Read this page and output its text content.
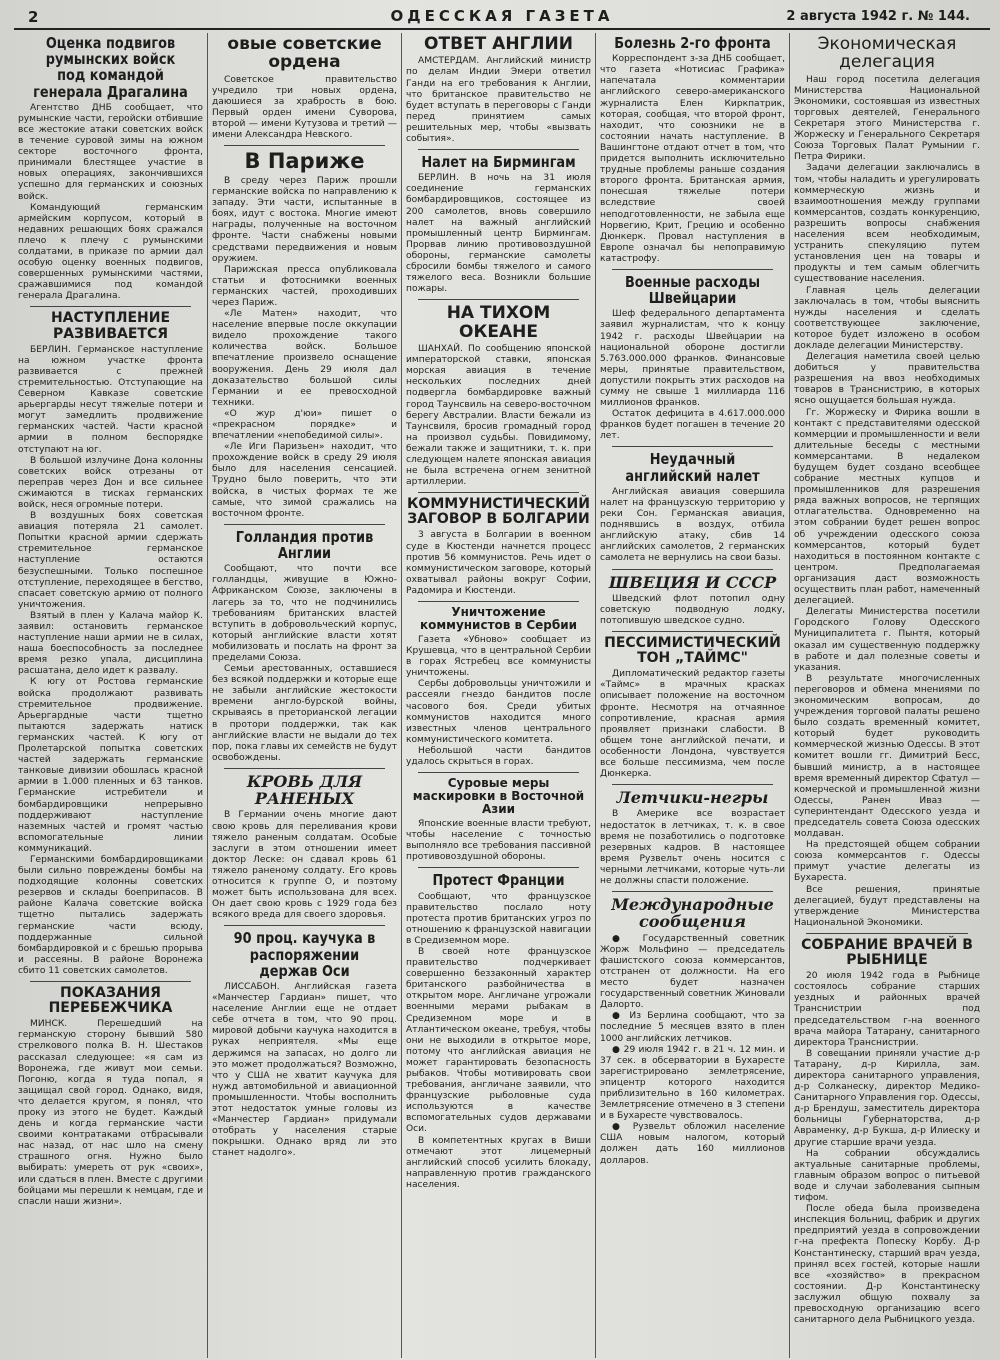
2	ОДЕССКАЯ ГАЗЕТА	2 августа 1942 г. № 144.
Оценка подвигов румынских войск под командой генерала Драгалина

Агентство ДНБ сообщает, что румынские части, геройски отбившие все жестокие атаки советских войск в течение суровой зимы на южном секторе восточного фронта, принимали блестящее участие в новых операциях, закончившихся успешно для германских и союзных войск.

Командующий германским армейским корпусом, который в недавних решающих боях сражался плечо к плечу с румынскими солдатами, в приказе по армии дал особую оценку военных подвигов, совершенных румынскими частями, сражавшимися под командой генерала Драгалина.

НАСТУПЛЕНИЕ РАЗВИВАЕТСЯ

БЕРЛИН. Германское наступление на южном участке фронта развивается с прежней стремительностью. Отступающие на Северном Кавказе советские арьергарды несут тяжелые потери и могут замедлить продвижение германских частей. Части красной армии в полном беспорядке отступают на юг.

В большой излучине Дона колонны советских войск отрезаны от переправ через Дон и все сильнее сжимаются в тисках германских войск, неся огромные потери.

В воздушных боях советская авиация потеряла 21 самолет. Попытки красной армии сдержать стремительное германское наступление остаются безуспешными. Только поспешное отступление, переходящее в бегство, спасает советскую армию от полного уничтожения.

Взятый в плен у Калача майор К. заявил: остановить германское наступление наши армии не в силах, наша боеспособность за последнее время резко упала, дисциплина расшатана, дело идет к развалу.

К югу от Ростова германские войска продолжают развивать стремительное продвижение. Арьергардные части тщетно пытаются задержать натиск германских частей. К югу от Пролетарской попытка советских частей задержать германские танковые дивизии обошлась красной армии в 1.000 пленных и 63 танков. Германские истребители и бомбардировщики непрерывно поддерживают наступление наземных частей и громят частью вспомогательные линии коммуникаций.

Германскими бомбардировщиками были сильно повреждены бомбы на подходящие колонны советских резервов и склады боеприпасов. В районе Калача советские войска тщетно пытались задержать германские части всюду, поддержанные сильной бомбардировкой и с брешью прорыва и рассеяны. В районе Воронежа сбито 11 советских самолетов.

ПОКАЗАНИЯ ПЕРЕБЕЖЧИКА

МИНСК. Перешедший на германскую сторону бывший 580 стрелкового полка В. Н. Шестаков рассказал следующее: «я сам из Воронежа, где живут мои семьи. Погоню, когда я туда попал, я защищал свой город. Однако, видя, что делается кругом, я понял, что проку из этого не будет. Каждый день и когда германские части своими контратаками отбрасывали нас назад, от нас шло на смену страшного огня. Нужно было выбирать: умереть от рук «своих», или сдаться в плен. Вместе с другими бойцами мы перешли к немцам, где и спасли наши жизни».

овые советские ордена

Советское правительство учредило три новых ордена, даюшиеся за храбрость в бою. Первый орден имени Суворова, второй — имени Кутузова и третий — имени Александра Невского.

В Париже

В среду через Париж прошли германские войска по направлению к западу. Эти части, испытанные в боях, идут с востока. Многие имеют награды, полученные на восточном фронте. Части снабжены новыми средствами передвижения и новым оружием.

Парижская пресса опубликовала статьи и фотоснимки военных германских частей, проходивших через Париж.

«Ле Матен» находит, что население впервые после оккупации видело прохождение такого количества войск. Большое впечатление произвело оснащение вооружения. День 29 июля дал доказательство большой силы Германии и ее превосходной техники.

«О жур д'юи» пишет о «прекрасном порядке» и впечатлении «непобедимой силы».

«Ле Иги Паризьен» находит, что прохождение войск в среду 29 июля было для населения сенсацией. Трудно было поверить, что эти войска, в чистых формах те же самые, что зимой сражались на восточном фронте.

Голландия против Англии

Сообщают, что почти все голландцы, живущие в Южно-Африканском Союзе, заключены в лагерь за то, что не подчинились требованиям британских властей вступить в добровольческий корпус, который английские власти хотят мобилизовать и послать на фронт за пределами Союза.

Семьи арестованных, оставшиеся без всякой поддержки и которые еще не забыли английские жестокости времени англо-бурской войны, скрываясь в преторианской легации в протори поддержки, так как английские власти не выдали до тех пор, пока главы их семейств не будут освобождены.

КРОВЬ ДЛЯ РАНЕНЫХ

В Германии очень многие дают свою кровь для переливания крови тяжело раненым солдатам. Особые заслуги в этом отношении имеет доктор Леске: он сдавал кровь 61 тяжело раненому солдату. Его кровь относится к группе О, и поэтому может быть использована для всех. Он дает свою кровь с 1929 года без всякого вреда для своего здоровья.

90 проц. каучука в распоряжении держав Оси

ЛИССАБОН. Английская газета «Манчестер Гардиан» пишет, что население Англии еще не отдает себе отчета в том, что 90 проц. мировой добычи каучука находится в руках неприятеля. «Мы еще держимся на запасах, но долго ли это может продолжаться? Возможно, что у США не хватит каучука для нужд автомобильной и авиационной промышленности. Чтобы восполнить этот недостаток умные головы из «Манчестер Гардиан» придумали отобрать у населения старые покрышки. Однако вряд ли это станет надолго».

ОТВЕТ АНГЛИИ

АМСТЕРДАМ. Английский министр по делам Индии Эмери ответил Ганди на его требования к Англии, что британское правительство не будет вступать в переговоры с Ганди перед принятием самых решительных мер, чтобы «вызвать события».

Налет на Бирмингам

БЕРЛИН. В ночь на 31 июля соединение германских бомбардировщиков, состоящее из 200 самолетов, вновь совершило налет на важный английский промышленный центр Бирмингам. Прорвав линию противовоздушной обороны, германские самолеты сбросили бомбы тяжелого и самого тяжелого веса. Возникли большие пожары.

НА ТИХОМ ОКЕАНЕ

ШАНХАЙ. По сообщению японской императорской ставки, японская морская авиация в течение нескольких последних дней подвергла бомбардировке важный город Таунсвиль на северо-восточном берегу Австралии. Власти бежали из Таунсвиля, бросив громадный город на произвол судьбы. Повидимому, бежали также и защитники, т. к. при следующем налете японская авиация не была встречена огнем зенитной артиллерии.

КОММУНИСТИЧЕСКИЙ ЗАГОВОР В БОЛГАРИИ

3 августа в Болгарии в военном суде в Кюстенди начнется процесс против 56 коммунистов. Речь идет о коммунистическом заговоре, который охватывал районы вокруг Софии, Радомира и Кюстенди.

Уничтожение коммунистов в Сербии

Газета «Убново» сообщает из Крушевца, что в центральной Сербии в горах Ястребец все коммунисты уничтожены.

Сербы добровольцы уничтожили и рассеяли гнездо бандитов после часового боя. Среди убитых коммунистов находится много известных членов центрального коммунистического комитета.

Небольшой части бандитов удалось скрыться в горах.

Суровые меры маскировки в Восточной Азии

Японские военные власти требуют, чтобы население с точностью выполняло все требования пассивной противовоздушной обороны.

Протест Франции

Сообщают, что французское правительство послало ноту протеста против британских угроз по отношению к французской навигации в Средиземном море.

В своей ноте французское правительство подчеркивает совершенно беззаконный характер британского разбойничества в открытом море. Англичане угрожали военными мерами рыбакам в Средиземном море и в Атлантическом океане, требуя, чтобы они не выходили в открытое море, потому что английская авиация не может гарантировать безопасность рыбаков. Чтобы мотивировать свои требования, англичане заявили, что французские рыболовные суда используются в качестве вспомогательных судов державами Оси.

В компетентных кругах в Виши отмечают этот лицемерный английский способ усилить блокаду, направленную против гражданского населения.

Болезнь 2-го фронта

Корреспондент з-за ДНБ сообщает, что газета «Нотисиас Графика» напечатала комментарии английского северо-американского журналиста Елен Киркпатрик, которая, сообщая, что второй фронт, находит, что союзники не в состоянии начать наступление. В Вашингтоне отдают отчет в том, что придется выполнить исключительно трудные проблемы раньше создания второго фронта. Британская армия, понесшая тяжелые потери вследствие своей неподготовленности, не забыла еще Норвегию, Крит, Грецию и особенно Дюнкерк. Провал наступления в Европе означал бы непоправимую катастрофу.

Военные расходы Швейцарии

Шеф федерального департамента заявил журналистам, что к концу 1942 г. расходы Швейцарии на национальной обороне достигли 5.763.000.000 франков. Финансовые меры, принятые правительством, допустили покрыть этих расходов на сумму не свыше 1 миллиарда 116 миллионов франков.

Остаток дефицита в 4.617.000.000 франков будет погашен в течение 20 лет.

Неудачный английский налет

Английская авиация совершила налет на французскую территорию у реки Сон. Германская авиация, поднявшись в воздух, отбила английскую атаку, сбив 14 английских самолетов, 2 германских самолета не вернулись на свои базы.

ШВЕЦИЯ И СССР

Шведский флот потопил одну советскую подводную лодку, потопившую шведское судно.

ПЕССИМИСТИЧЕСКИЙ ТОН „ТАЙМС"

Дипломатический редактор газеты «Таймс» в мрачных красках описывает положение на восточном фронте. Несмотря на отчаянное сопротивление, красная армия проявляет признаки слабости. В общем тоне английской печати, и особенности Лондона, чувствуется все больше пессимизма, чем после Дюнкерка.

Летчики-негры

В Америке все возрастает недостаток в летчиках, т. к. в свое время не позаботились о подготовке резервных кадров. В настоящее время Рузвельт очень носится с черными летчиками, которые чуть-ли не должны спасти положение.

Международные сообщения

● Государственный советник Жорж Мольфино — председатель фашистского союза коммерсантов, отстранен от должности. На его место будет назначен государственный советник Жиновали Далорто.

● Из Берлина сообщают, что за последние 5 месяцев взято в плен 1000 английских летчиков.

● 29 июля 1942 г. в 21 ч. 12 мин. и 37 сек. в обсерватории в Бухаресте зарегистрировано землетрясение, эпицентр которого находится приблизительно в 160 километрах. Землетрясение отмечено в 3 степени и в Бухаресте чувствовалось.

● Рузвельт обложил население США новым налогом, который должен дать 160 миллионов долларов.

Экономическая делегация

Наш город посетила делегация Министерства Национальной Экономики, состоявшая из известных торговых деятелей, Генерального Секретаря этого Министерства г. Жоржеску и Генерального Секретаря Союза Торговых Палат Румынии г. Петра Фирики.

Задачи делегации заключались в том, чтобы наладить и урегулировать коммерческую жизнь и взаимоотношения между группами коммерсантов, создать конкуренцию, разрешить вопросы снабжения населения всем необходимым, устранить спекуляцию путем установления цен на товары и продукты и тем самым облегчить существование населения.

Главная цель делегации заключалась в том, чтобы выяснить нужды населения и сделать соответствующее заключение, которое будет изложено в особом докладе делегации Министерству.

Делегация наметила своей целью добиться у правительства разрешения на ввоз необходимых товаров в Транснистрию, в которых ясно ощущается большая нужда.

Гг. Жоржеску и Фирика вошли в контакт с представителями одесской коммерции и промышленности и вели длительные беседы с местными коммерсантами. В недалеком будущем будет создано всеобщее собрание местных купцов и промышленников для разрешения ряда важных вопросов, не терпящих отлагательства. Одновременно на этом собрании будет решен вопрос об учреждении одесского союза коммерсантов, который будет находиться в постоянном контакте с центром. Предполагаемая организация даст возможность осуществить план работ, намеченный делегацией.

Делегаты Министерства посетили Городского Голову Одесского Муниципалитета г. Пынтя, который оказал им существенную поддержку в работе и дал полезные советы и указания.

В результате многочисленных переговоров и обмена мнениями по экономическим вопросам, до учреждения торговой палаты решено было создать временный комитет, который будет руководить коммерческой жизнью Одессы. В этот комитет вошли гг. Димитрий Бесс, бывший министр, а в настоящее время временный директор Сфатул — комерческой и промышленной жизни Одессы, Ранен Иваз — суперинтендант Одесского уезда и председатель совета Союза одесских молдаван.

На предстоящей общем собрании союза коммерсантов г. Одессы примут участие делегаты из Бухареста.

Все решения, принятые делегацией, будут представлены на утверждение Министерства Национальной Экономики.

СОБРАНИЕ ВРАЧЕЙ В РЫБНИЦЕ

20 июля 1942 года в Рыбнице состоялось собрание старших уездных и районных врачей Транснистрии под председательством г-на военного врача майора Татарану, санитарного директора Транснистрии.

В совещании приняли участие д-р Татарану, д-р Кирилла, зам. директора санитарного управления, д-р Солканеску, директор Медико-Санитарного Управления гор. Одессы, д-р Брендуш, заместитель директора больницы Губернаторства, д-р Авраменку, д-р Букша, д-р Илиеску и другие старшие врачи уезда.

На собрании обсуждались актуальные санитарные проблемы, главным образом вопрос о питьевой воде и случаи заболевания сыпным тифом.

После обеда была произведена инспекция больниц, фабрик и других предприятий уезда в сопровождении г-на префекта Попеску Корбу. Д-р Константинеску, старший врач уезда, принял всех гостей, которые нашли все «хозяйство» в прекрасном состоянии. Д-р Константинеску заслужил общую похвалу за превосходную организацию всего санитарного дела Рыбницкого уезда.
